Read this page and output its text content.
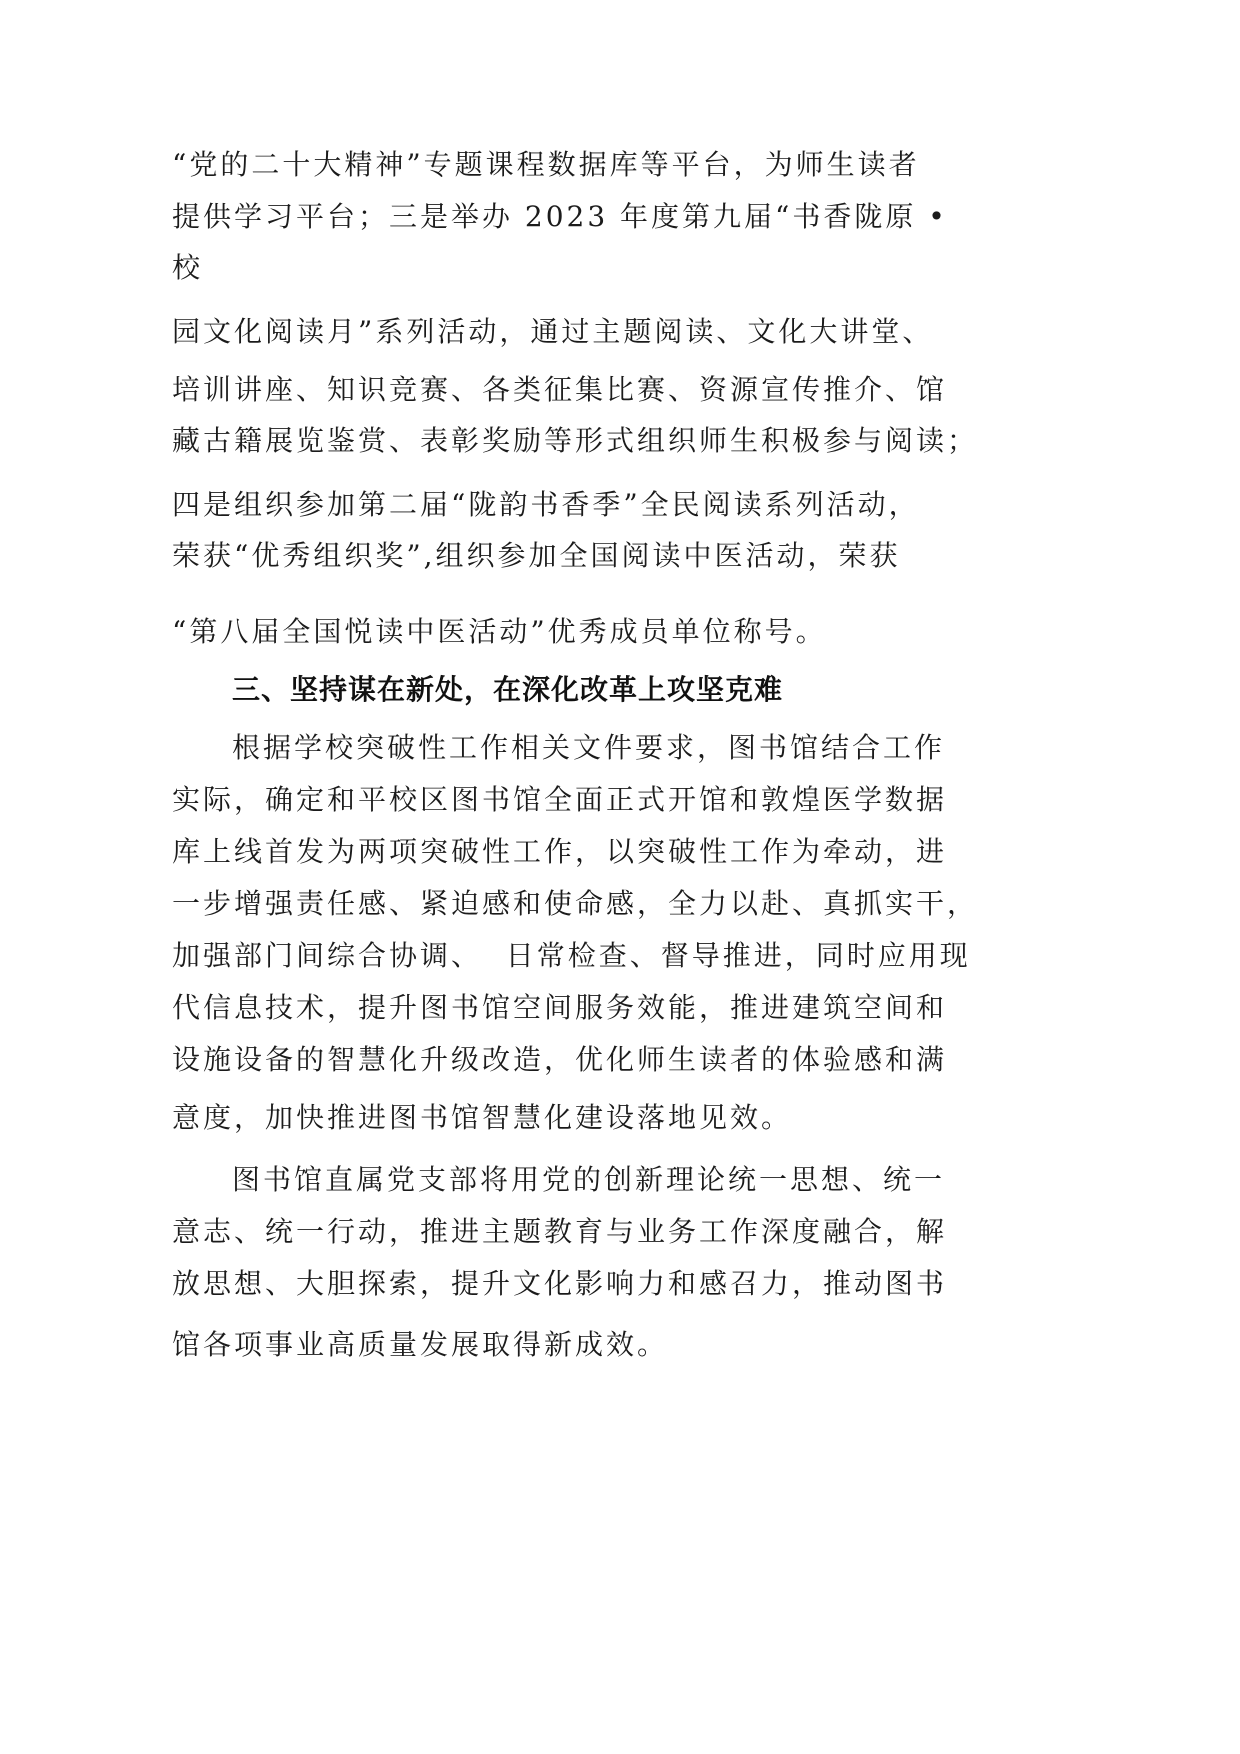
“党的二十大精神”专题课程数据库等平台，为师生读者
提供学习平台；三是举办 2023 年度第九届“书香陇原 •
校
园文化阅读月”系列活动，通过主题阅读、文化大讲堂、
培训讲座、知识竞赛、各类征集比赛、资源宣传推介、馆
藏古籍展览鉴赏、表彰奖励等形式组织师生积极参与阅读；
四是组织参加第二届“陇韵书香季”全民阅读系列活动，
荣获“优秀组织奖”,组织参加全国阅读中医活动，荣获
“第八届全国悦读中医活动”优秀成员单位称号。
三、坚持谋在新处，在深化改革上攻坚克难
根据学校突破性工作相关文件要求，图书馆结合工作
实际，确定和平校区图书馆全面正式开馆和敦煌医学数据
库上线首发为两项突破性工作，以突破性工作为牵动，进
一步增强责任感、紧迫感和使命感，全力以赴、真抓实干，
加强部门间综合协调、  日常检查、督导推进，同时应用现
代信息技术，提升图书馆空间服务效能，推进建筑空间和
设施设备的智慧化升级改造，优化师生读者的体验感和满
意度，加快推进图书馆智慧化建设落地见效。
图书馆直属党支部将用党的创新理论统一思想、统一
意志、统一行动，推进主题教育与业务工作深度融合，解
放思想、大胆探索，提升文化影响力和感召力，推动图书
馆各项事业高质量发展取得新成效。
